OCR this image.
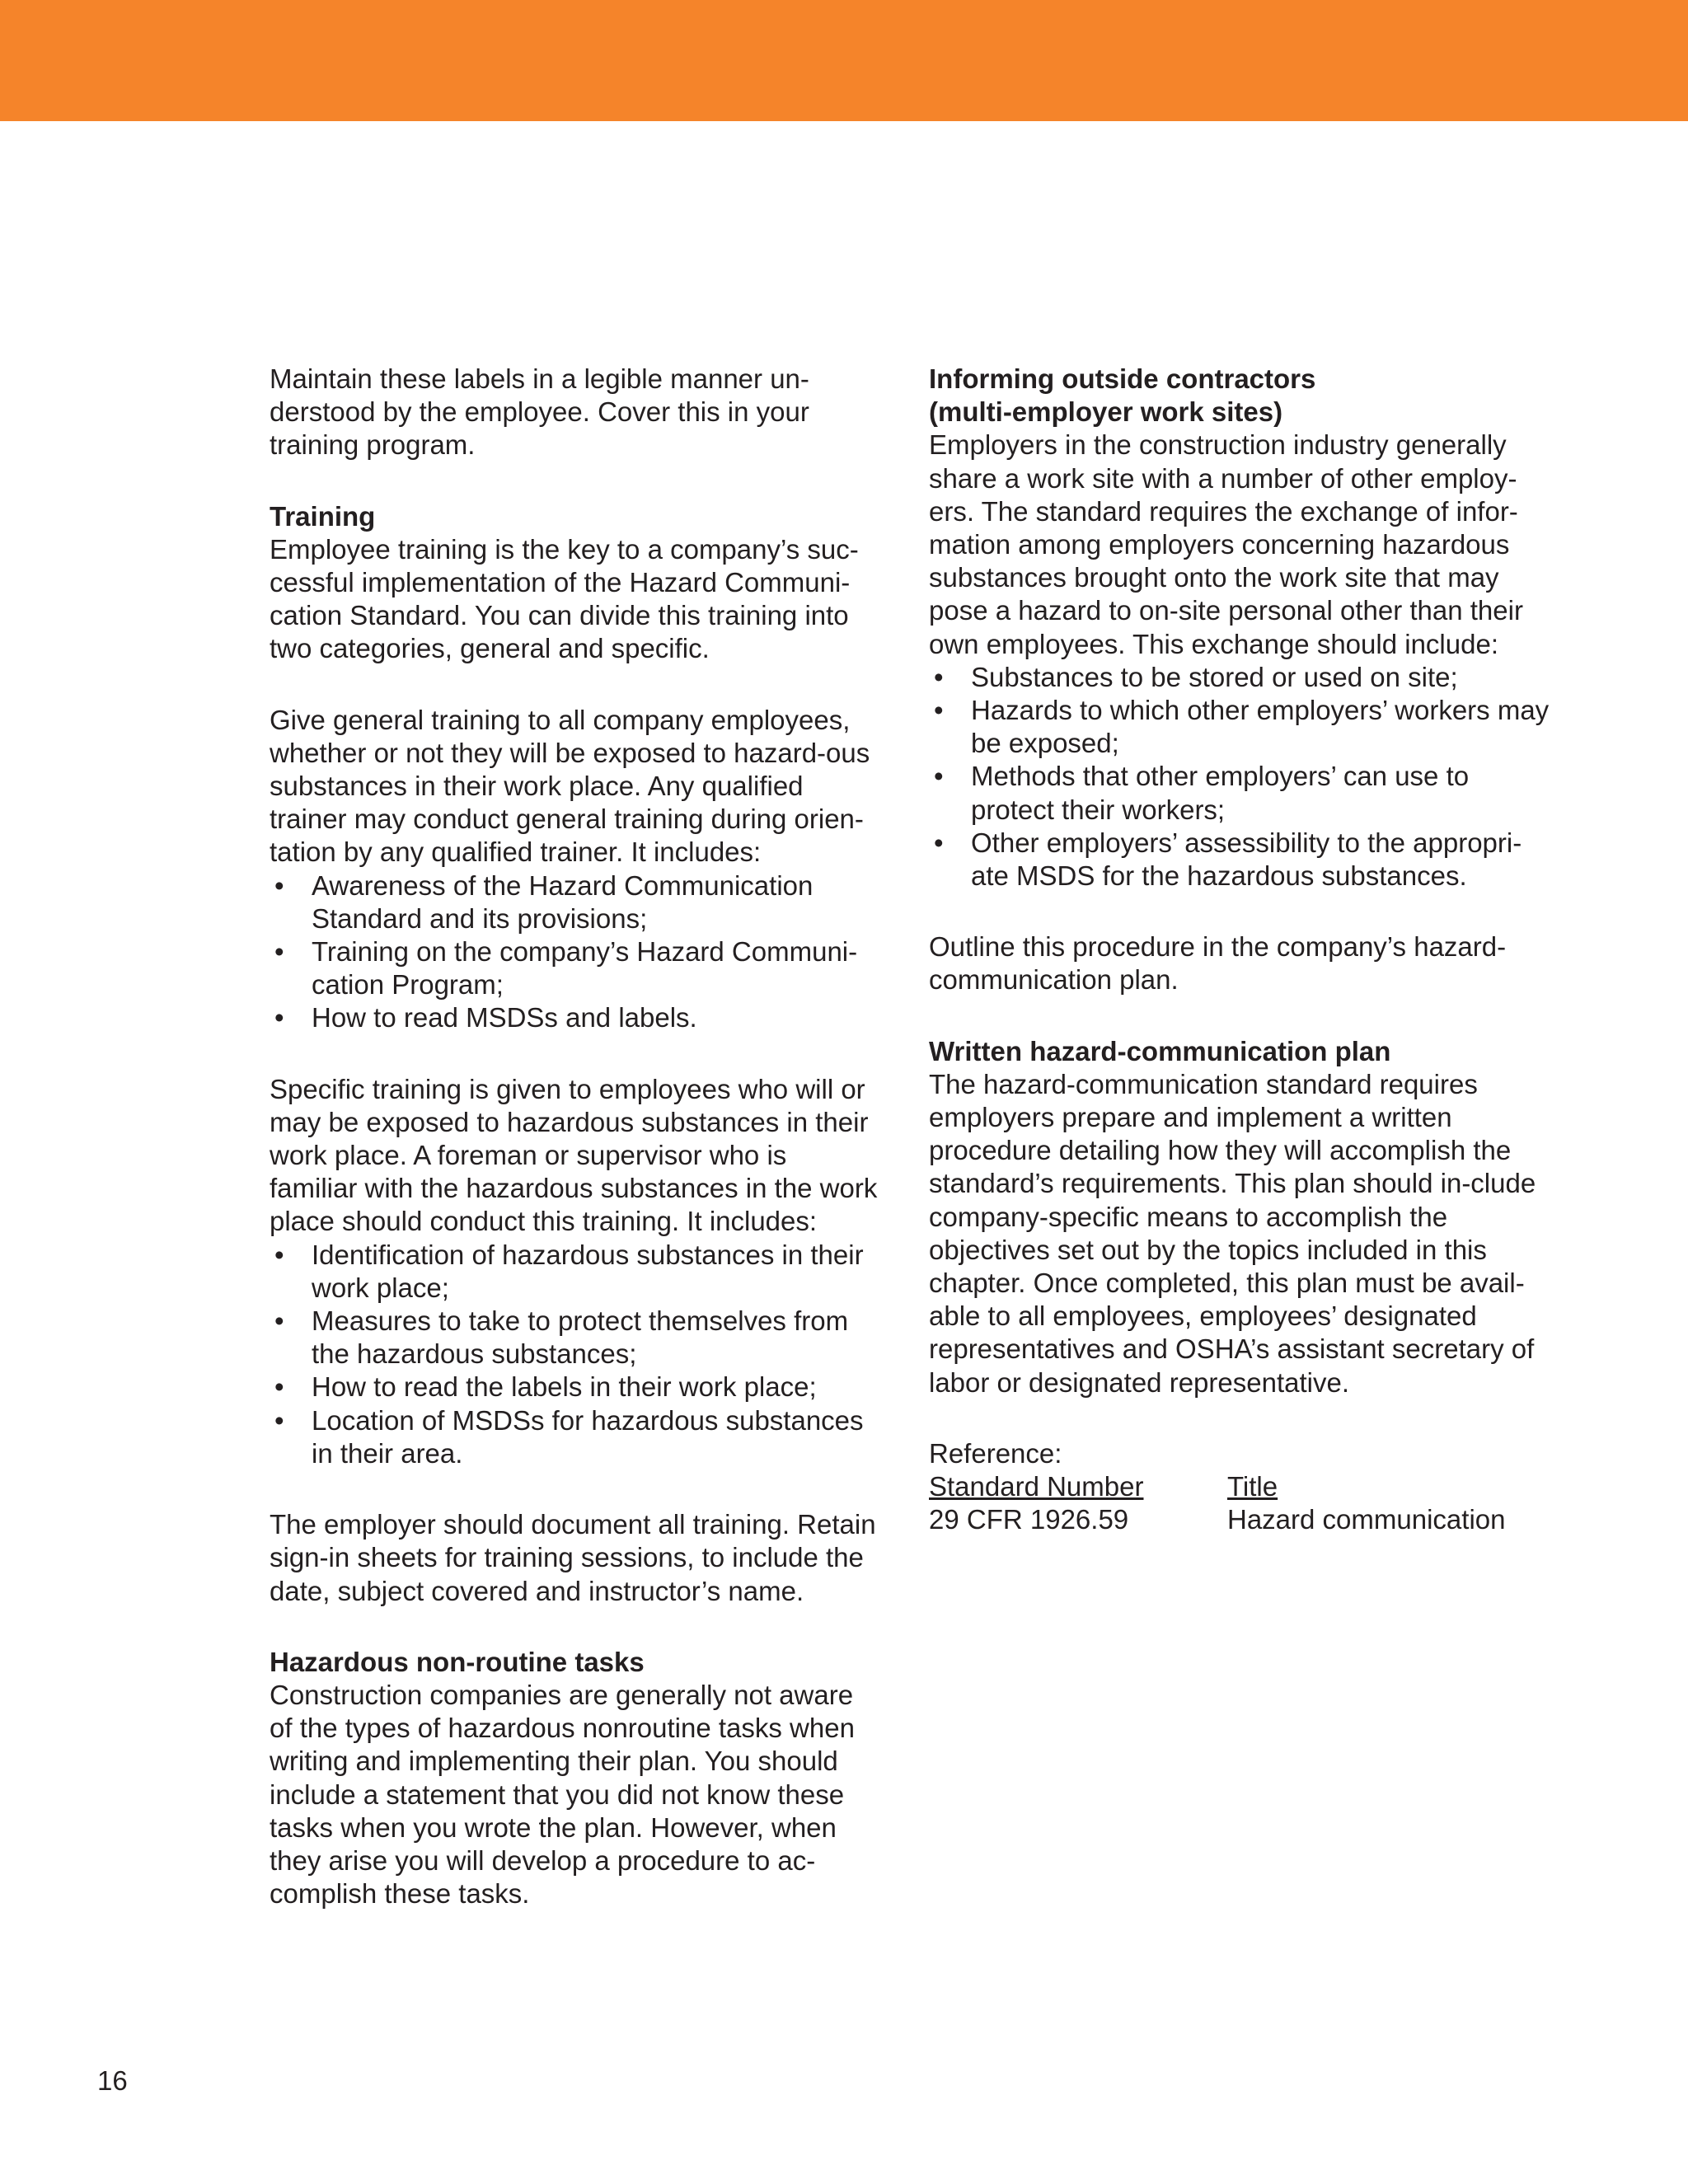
Maintain these labels in a legible manner un-derstood by the employee. Cover this in your training program.

Training

Employee training is the key to a company’s suc-cessful implementation of the Hazard Communi-cation Standard. You can divide this training into two categories, general and specific.

Give general training to all company employees, whether or not they will be exposed to hazard-ous substances in their work place. Any qualified trainer may conduct general training during orien-tation by any qualified trainer. It includes:

• Awareness of the Hazard Communication Standard and its provisions;
• Training on the company’s Hazard Communi-cation Program;
• How to read MSDSs and labels.

Specific training is given to employees who will or may be exposed to hazardous substances in their work place. A foreman or supervisor who is familiar with the hazardous substances in the work place should conduct this training. It includes:

• Identification of hazardous substances in their work place;
• Measures to take to protect themselves from the hazardous substances;
• How to read the labels in their work place;
• Location of MSDSs for hazardous substances in their area.

The employer should document all training. Retain sign-in sheets for training sessions, to include the date, subject covered and instructor’s name.

Hazardous non-routine tasks

Construction companies are generally not aware of the types of hazardous nonroutine tasks when writing and implementing their plan. You should include a statement that you did not know these tasks when you wrote the plan. However, when they arise you will develop a procedure to ac-complish these tasks.

Informing outside contractors

(multi-employer work sites)

Employers in the construction industry generally share a work site with a number of other employ-ers. The standard requires the exchange of infor-mation among employers concerning hazardous substances brought onto the work site that may pose a hazard to on-site personal other than their own employees. This exchange should include:

• Substances to be stored or used on site;
• Hazards to which other employers’ workers may be exposed;
• Methods that other employers’ can use to protect their workers;
• Other employers’ assessibility to the appropri-ate MSDS for the hazardous substances.

Outline this procedure in the company’s hazard-communication plan.

Written hazard-communication plan

The hazard-communication standard requires employers prepare and implement a written procedure detailing how they will accomplish the standard’s requirements. This plan should in-clude company-specific means to accomplish the objectives set out by the topics included in this chapter. Once completed, this plan must be avail-able to all employees, employees’ designated representatives and OSHA’s assistant secretary of labor or designated representative.

Reference:

Standard Number	Title
29 CFR 1926.59	Hazard communication
16
